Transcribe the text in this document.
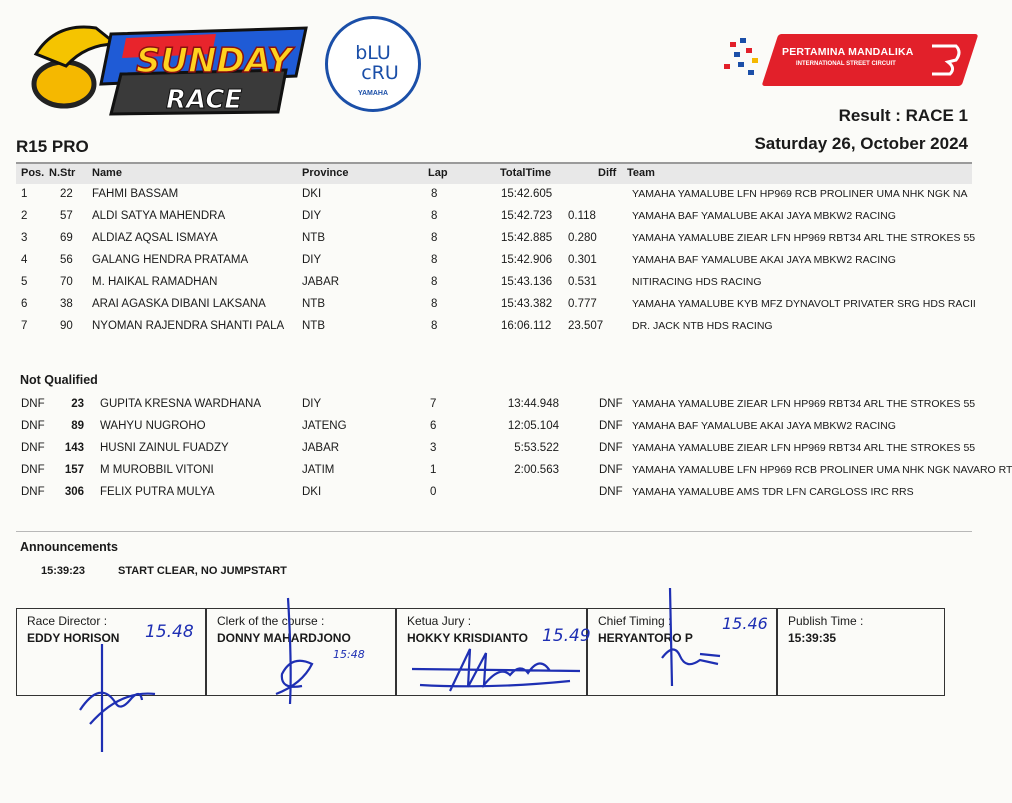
SUNDAY
RACE
bLU
cRU
YAMAHA
PERTAMINA MANDALIKA
INTERNATIONAL STREET CIRCUIT
Result : RACE 1
Saturday 26, October 2024
R15 PRO
Pos. N.Str Name	Province	Lap	TotalTime	Diff Team
1	22 FAHMI BASSAM	DKI	8	15:42.605	YAMAHA YAMALUBE LFN HP969 RCB PROLINER UMA NHK NGK NA
2	57 ALDI SATYA MAHENDRA	DIY	8	15:42.723 0.118	YAMAHA BAF YAMALUBE AKAI JAYA MBKW2 RACING
3	69 ALDIAZ AQSAL ISMAYA	NTB	8	15:42.885 0.280	YAMAHA YAMALUBE ZIEAR LFN HP969 RBT34 ARL THE STROKES 55
4	56 GALANG HENDRA PRATAMA	DIY	8	15:42.906 0.301	YAMAHA BAF YAMALUBE AKAI JAYA MBKW2 RACING
5	70 M. HAIKAL RAMADHAN	JABAR	8	15:43.136 0.531	NITIRACING HDS RACING
6	38 ARAI AGASKA DIBANI LAKSANA	NTB	8	15:43.382 0.777	YAMAHA YAMALUBE KYB MFZ DYNAVOLT PRIVATER SRG HDS RACII
7	90 NYOMAN RAJENDRA SHANTI PALA NTB	8	16:06.112 23.507	DR. JACK NTB HDS RACING
Not Qualified
DNF	23 GUPITA KRESNA WARDHANA	DIY	7	13:44.948	DNF YAMAHA YAMALUBE ZIEAR LFN HP969 RBT34 ARL THE STROKES 55
DNF	89 WAHYU NUGROHO	JATENG	6	12:05.104	DNF YAMAHA BAF YAMALUBE AKAI JAYA MBKW2 RACING
DNF	143 HUSNI ZAINUL FUADZY	JABAR	3	5:53.522	DNF YAMAHA YAMALUBE ZIEAR LFN HP969 RBT34 ARL THE STROKES 55
DNF	157 M MUROBBIL VITONI	JATIM	1	2:00.563	DNF YAMAHA YAMALUBE LFN HP969 RCB PROLINER UMA NHK NGK NAVARO RT
DNF	306 FELIX PUTRA MULYA	DKI	0	DNF YAMAHA YAMALUBE AMS TDR LFN CARGLOSS IRC RRS
Announcements
15:39:23	START CLEAR, NO JUMPSTART
Race Director :
EDDY HORISON
Clerk of the course :
DONNY MAHARDJONO
Ketua Jury :
HOKKY KRISDIANTO
Chief Timing :
HERYANTORO P
Publish Time :
15:39:35
15.48
15:48
15.49
15.46
